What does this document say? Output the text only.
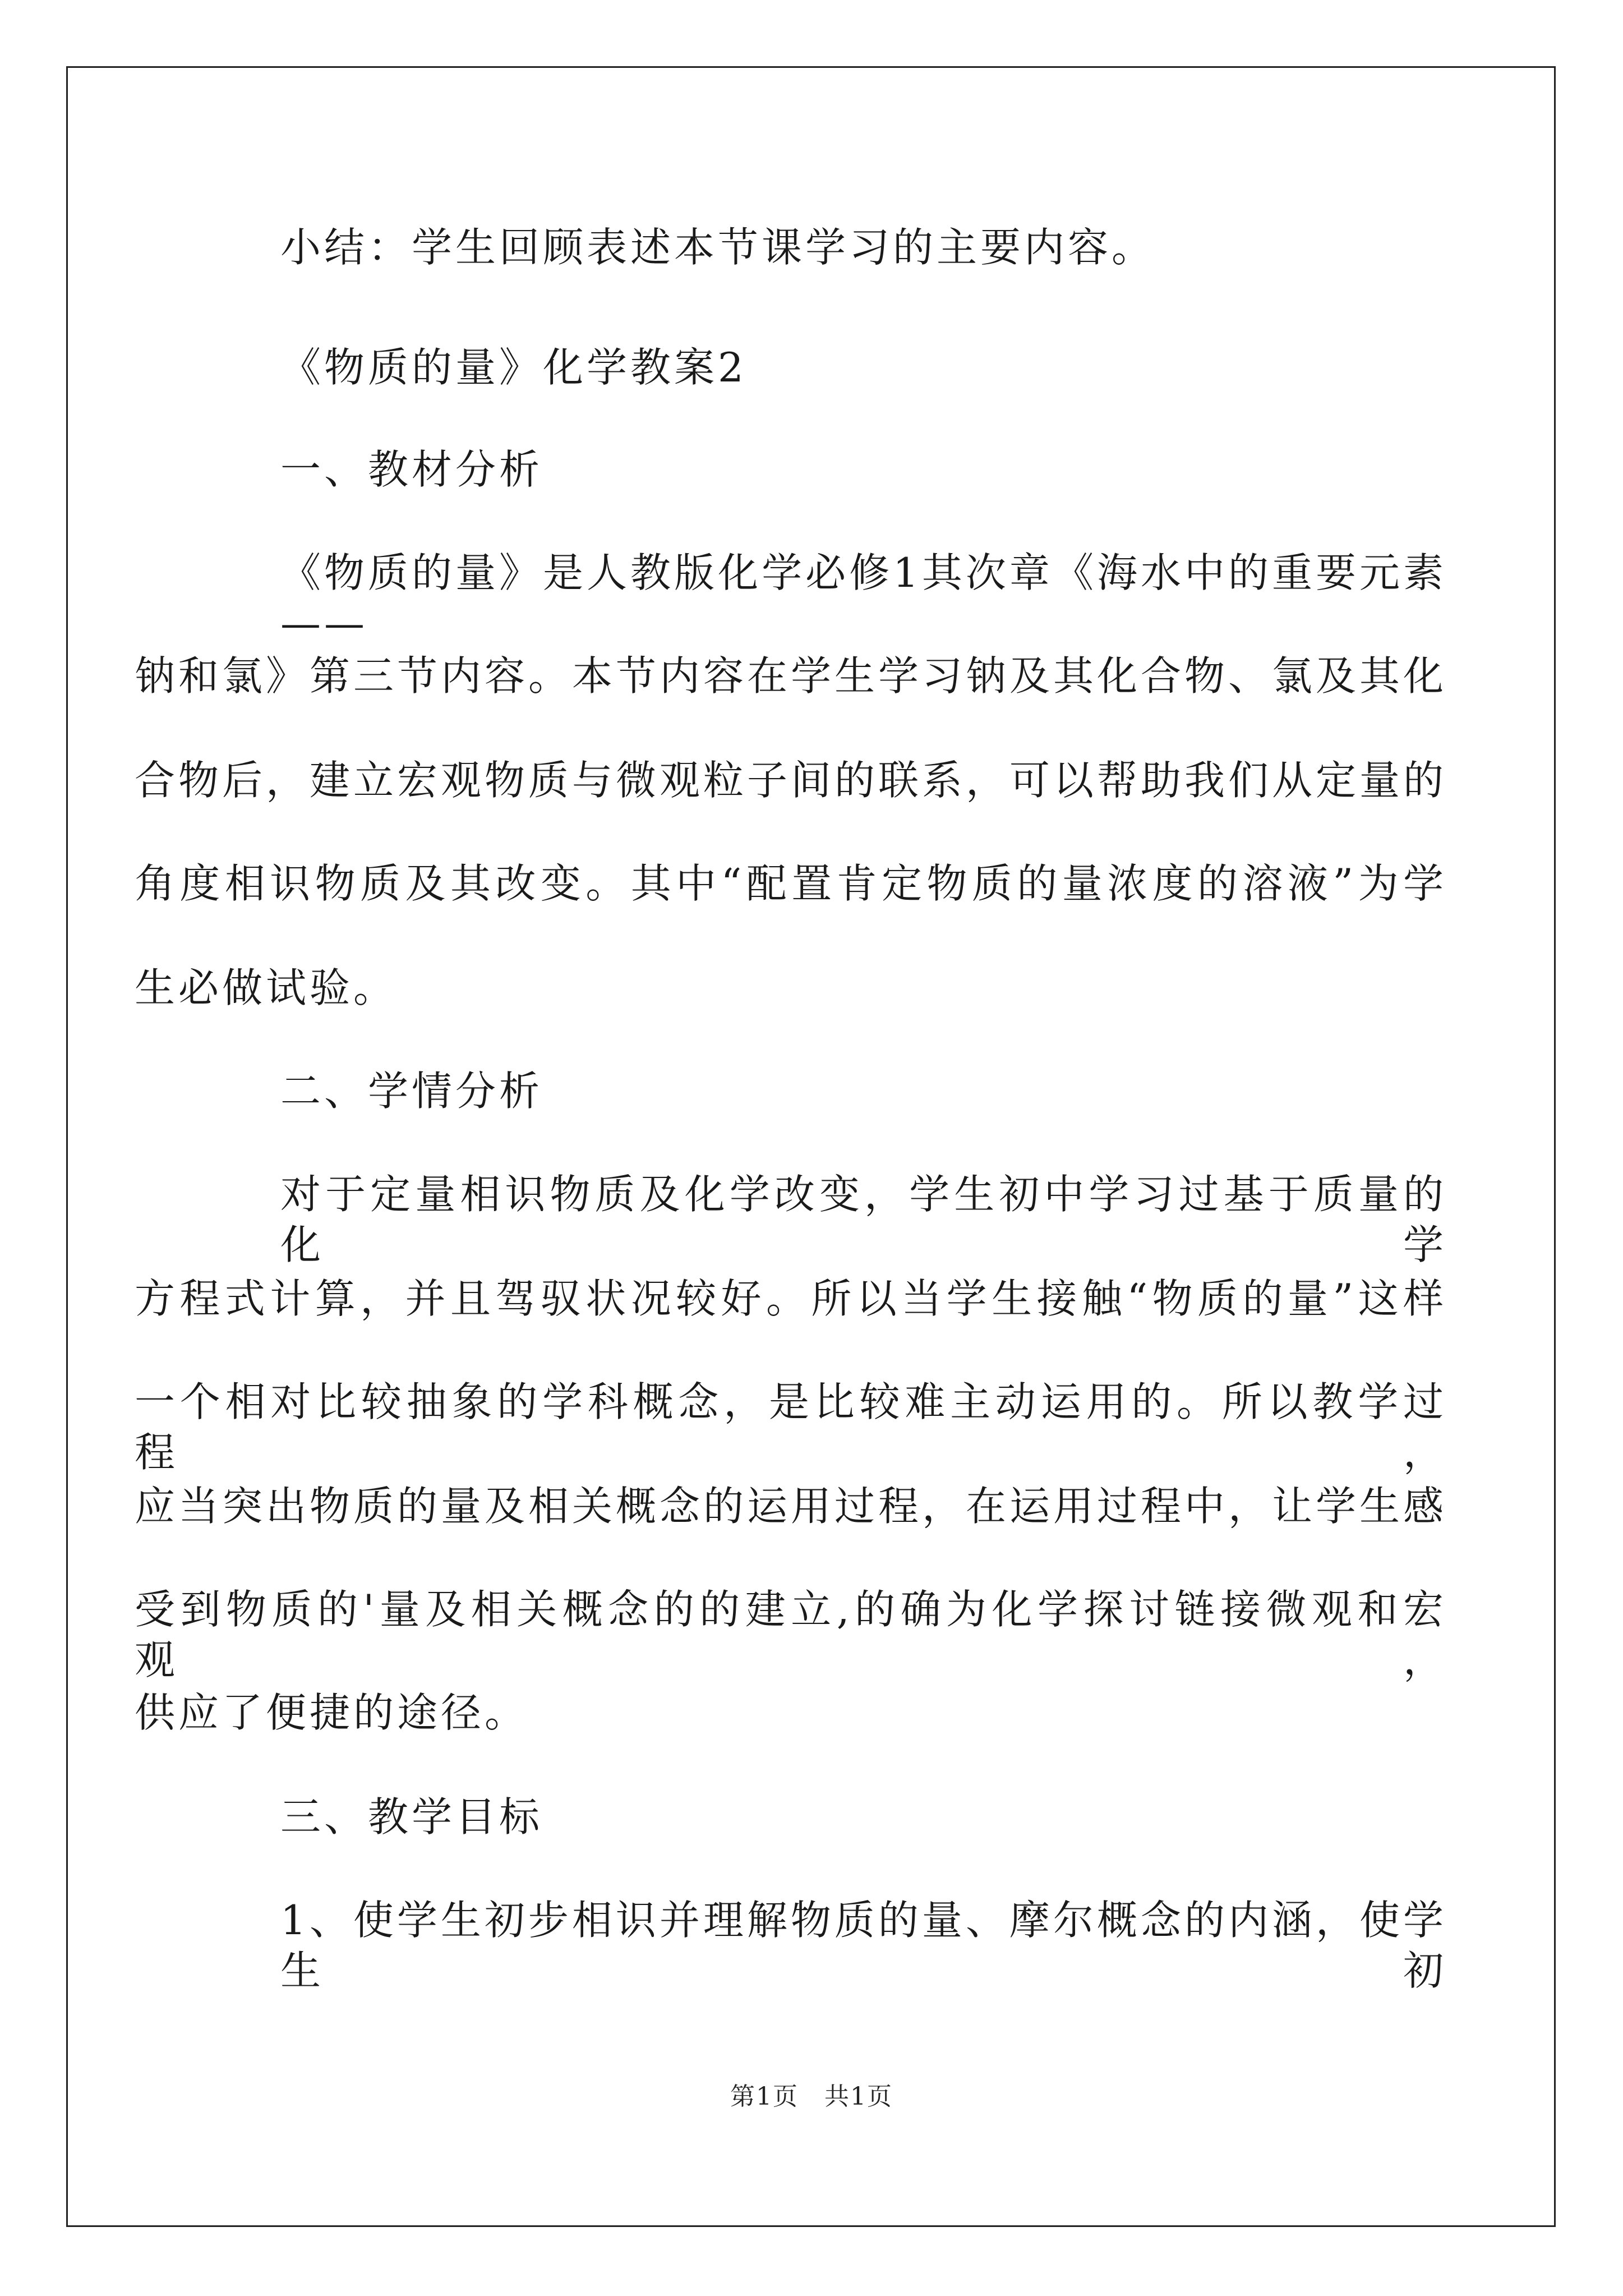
小结：学生回顾表述本节课学习的主要内容。
《物质的量》化学教案2
一、教材分析
《物质的量》是人教版化学必修1其次章《海水中的重要元素——
钠和氯》第三节内容。本节内容在学生学习钠及其化合物、氯及其化
合物后，建立宏观物质与微观粒子间的联系，可以帮助我们从定量的
角度相识物质及其改变。其中“配置肯定物质的量浓度的溶液”为学
生必做试验。
二、学情分析
对于定量相识物质及化学改变，学生初中学习过基于质量的化学
方程式计算，并且驾驭状况较好。所以当学生接触“物质的量”这样
一个相对比较抽象的学科概念，是比较难主动运用的。所以教学过程，
应当突出物质的量及相关概念的运用过程，在运用过程中，让学生感
受到物质的'量及相关概念的的建立,的确为化学探讨链接微观和宏观，
供应了便捷的途径。
三、教学目标
1、使学生初步相识并理解物质的量、摩尔概念的内涵，使学生初
第1页　共1页
